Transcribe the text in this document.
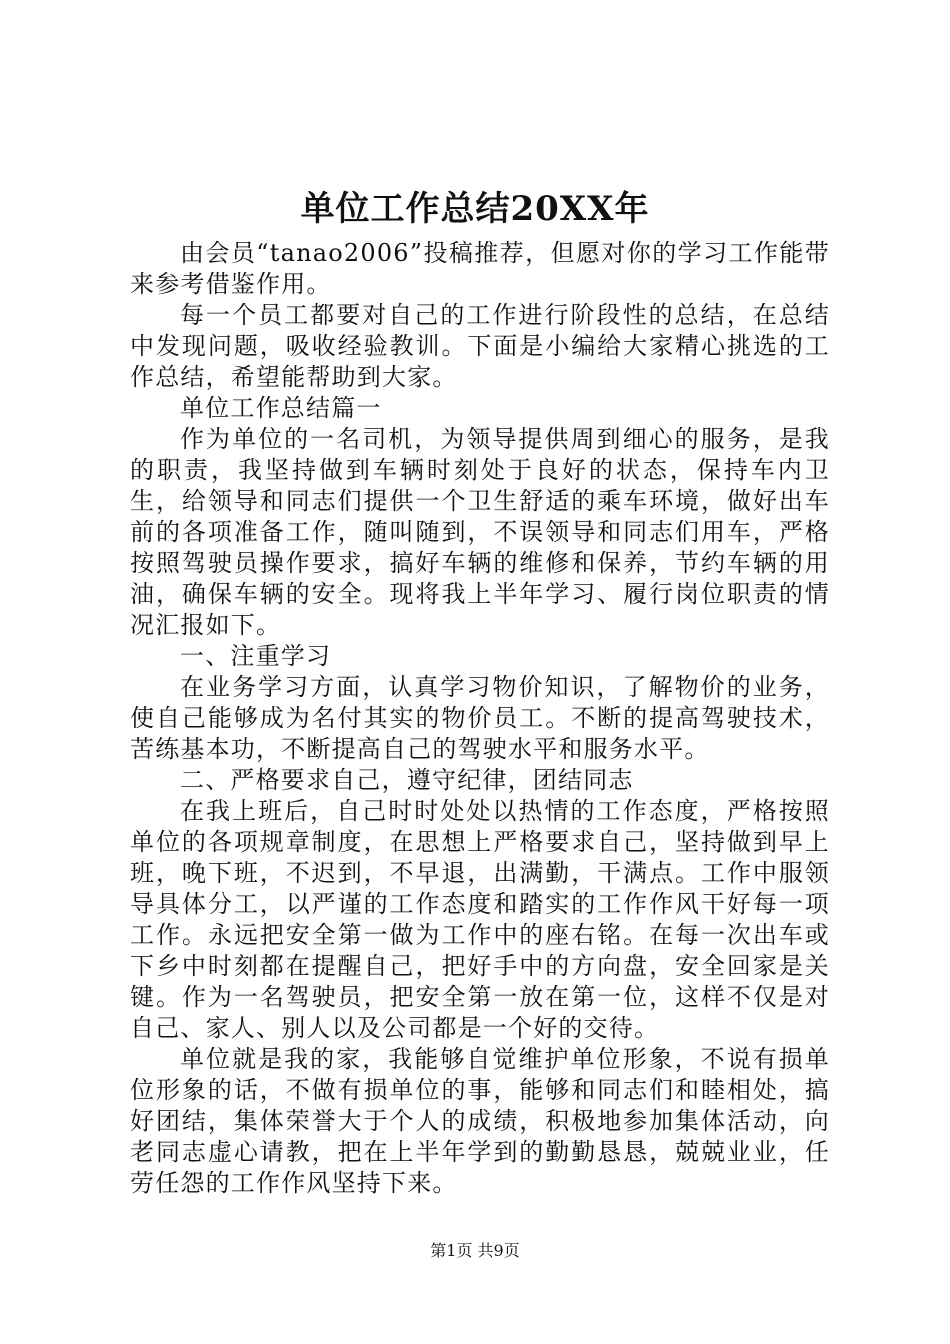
单位工作总结20XX年

由会员“tanao2006”投稿推荐，但愿对你的学习工作能带来参考借鉴作用。

每一个员工都要对自己的工作进行阶段性的总结，在总结中发现问题，吸收经验教训。下面是小编给大家精心挑选的工作总结，希望能帮助到大家。

单位工作总结篇一

作为单位的一名司机，为领导提供周到细心的服务，是我的职责，我坚持做到车辆时刻处于良好的状态，保持车内卫生，给领导和同志们提供一个卫生舒适的乘车环境，做好出车前的各项准备工作，随叫随到，不误领导和同志们用车，严格按照驾驶员操作要求，搞好车辆的维修和保养，节约车辆的用油，确保车辆的安全。现将我上半年学习、履行岗位职责的情况汇报如下。

一、注重学习

在业务学习方面，认真学习物价知识，了解物价的业务，使自己能够成为名付其实的物价员工。不断的提高驾驶技术，苦练基本功，不断提高自己的驾驶水平和服务水平。

二、严格要求自己，遵守纪律，团结同志

在我上班后，自己时时处处以热情的工作态度，严格按照单位的各项规章制度，在思想上严格要求自己，坚持做到早上班，晚下班，不迟到，不早退，出满勤，干满点。工作中服领导具体分工，以严谨的工作态度和踏实的工作作风干好每一项工作。永远把安全第一做为工作中的座右铭。在每一次出车或下乡中时刻都在提醒自己，把好手中的方向盘，安全回家是关键。作为一名驾驶员，把安全第一放在第一位，这样不仅是对自己、家人、别人以及公司都是一个好的交待。

单位就是我的家，我能够自觉维护单位形象，不说有损单位形象的话，不做有损单位的事，能够和同志们和睦相处，搞好团结，集体荣誉大于个人的成绩，积极地参加集体活动，向老同志虚心请教，把在上半年学到的勤勤恳恳，兢兢业业，任劳任怨的工作作风坚持下来。

第1页 共9页
